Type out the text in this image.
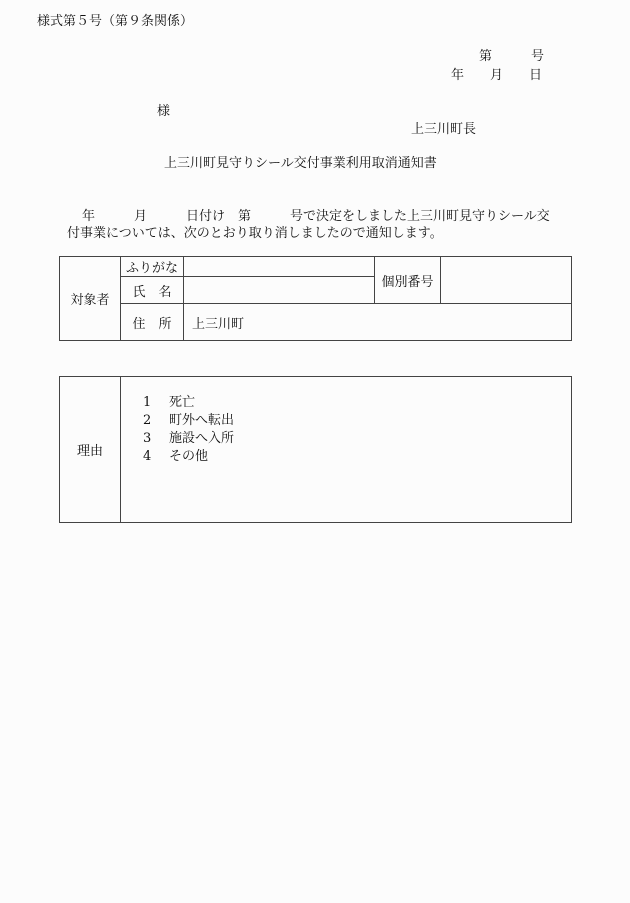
様式第５号（第９条関係）
第　　　号
年　　月　　日
様
上三川町長
上三川町見守りシール交付事業利用取消通知書
年　　　月　　　日付け　第　　　号で決定をしました上三川町見守りシール交
付事業については、次のとおり取り消しましたので通知します。
対象者	ふりがな		個別番号	
	氏　名			
	住　所	上三川町		
理由	
1 死亡
2 町外へ転出
3 施設へ入所
4 その他
